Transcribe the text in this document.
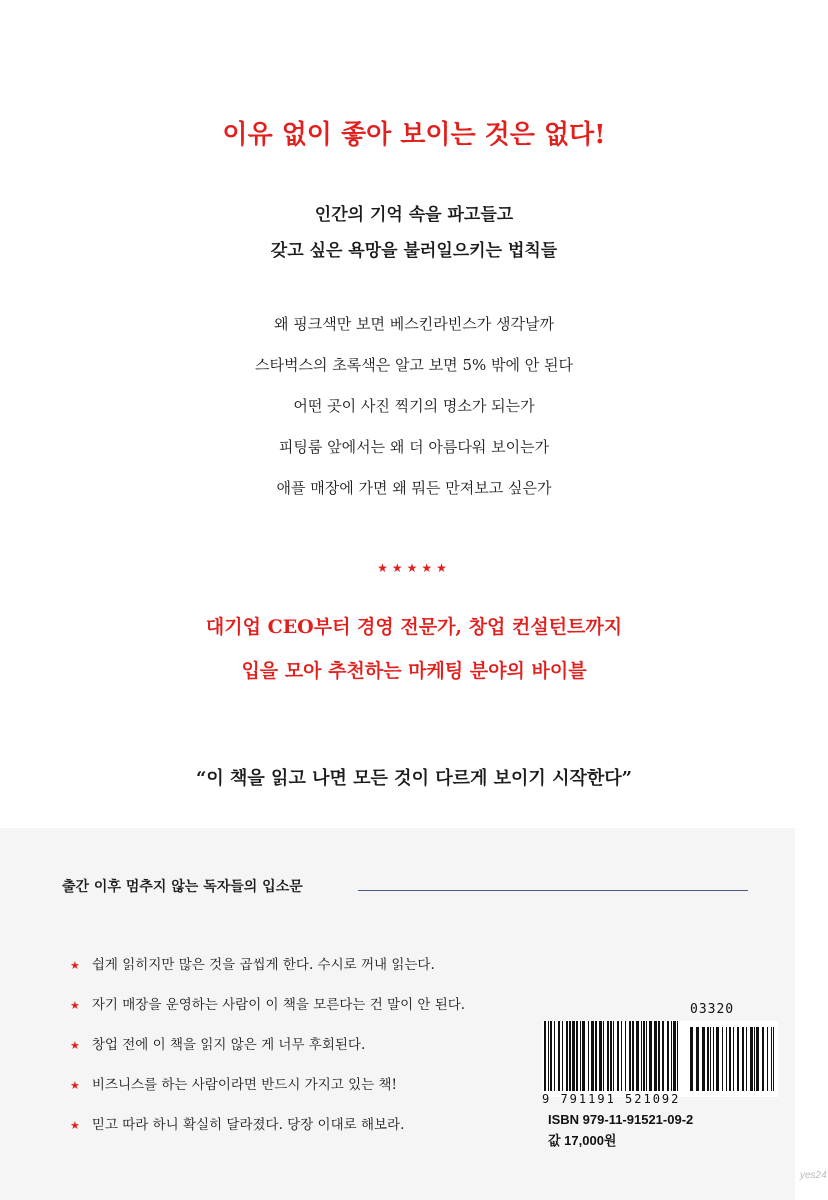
이유 없이 좋아 보이는 것은 없다!
인간의 기억 속을 파고들고
갖고 싶은 욕망을 불러일으키는 법칙들
왜 핑크색만 보면 베스킨라빈스가 생각날까
스타벅스의 초록색은 알고 보면 5% 밖에 안 된다
어떤 곳이 사진 찍기의 명소가 되는가
피팅룸 앞에서는 왜 더 아름다워 보이는가
애플 매장에 가면 왜 뭐든 만져보고 싶은가
★★★★★
대기업 CEO부터 경영 전문가, 창업 컨설턴트까지
입을 모아 추천하는 마케팅 분야의 바이블
“이 책을 읽고 나면 모든 것이 다르게 보이기 시작한다”
출간 이후 멈추지 않는 독자들의 입소문
★ 쉽게 읽히지만 많은 것을 곱씹게 한다. 수시로 꺼내 읽는다.
★ 자기 매장을 운영하는 사람이 이 책을 모른다는 건 말이 안 된다.
★ 창업 전에 이 책을 읽지 않은 게 너무 후회된다.
★ 비즈니스를 하는 사람이라면 반드시 가지고 있는 책!
★ 믿고 따라 하니 확실히 달라졌다. 당장 이대로 해보라.
03320
9 791191 521092
ISBN 979-11-91521-09-2
값 17,000원
yes24
